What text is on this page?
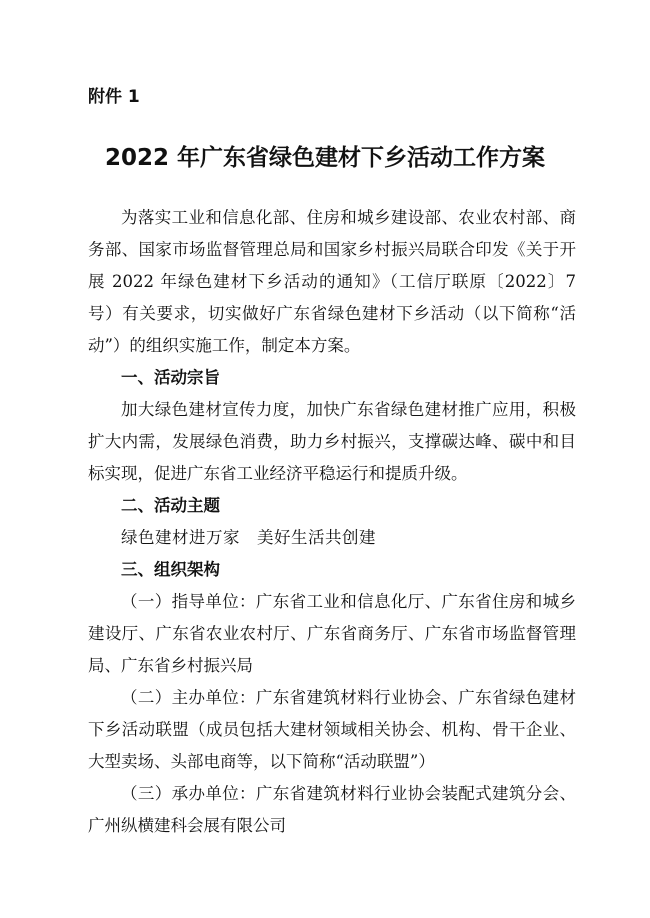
附件 1
2022 年广东省绿色建材下乡活动工作方案

为落实工业和信息化部、住房和城乡建设部、农业农村部、商务部、国家市场监督管理总局和国家乡村振兴局联合印发《关于开展 2022 年绿色建材下乡活动的通知》（工信厅联原〔2022〕7 号）有关要求，切实做好广东省绿色建材下乡活动（以下简称“活动”）的组织实施工作，制定本方案。

一、活动宗旨

加大绿色建材宣传力度，加快广东省绿色建材推广应用，积极扩大内需，发展绿色消费，助力乡村振兴，支撑碳达峰、碳中和目标实现，促进广东省工业经济平稳运行和提质升级。

二、活动主题

绿色建材进万家　美好生活共创建

三、组织架构

（一）指导单位：广东省工业和信息化厅、广东省住房和城乡建设厅、广东省农业农村厅、广东省商务厅、广东省市场监督管理局、广东省乡村振兴局

（二）主办单位：广东省建筑材料行业协会、广东省绿色建材下乡活动联盟（成员包括大建材领域相关协会、机构、骨干企业、大型卖场、头部电商等，以下简称“活动联盟”）

（三）承办单位：广东省建筑材料行业协会装配式建筑分会、广州纵横建科会展有限公司
